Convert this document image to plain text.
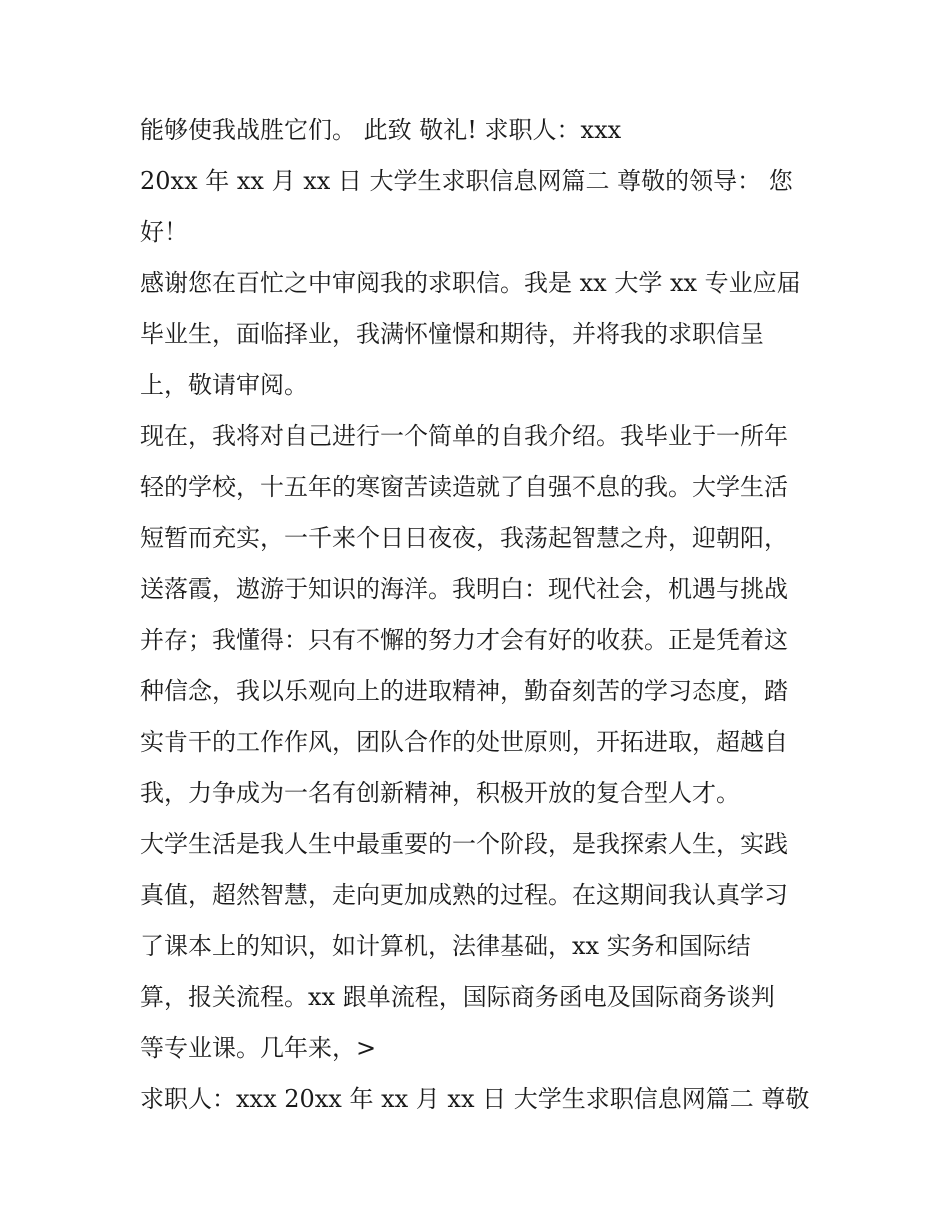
能够使我战胜它们。 此致 敬礼! 求职人：xxx
20xx 年 xx 月 xx 日 大学生求职信息网篇二 尊敬的领导： 您
好！
感谢您在百忙之中审阅我的求职信。我是 xx 大学 xx 专业应届
毕业生，面临择业，我满怀憧憬和期待，并将我的求职信呈
上，敬请审阅。
现在，我将对自己进行一个简单的自我介绍。我毕业于一所年
轻的学校，十五年的寒窗苦读造就了自强不息的我。大学生活
短暂而充实，一千来个日日夜夜，我荡起智慧之舟，迎朝阳，
送落霞，遨游于知识的海洋。我明白：现代社会，机遇与挑战
并存；我懂得：只有不懈的努力才会有好的收获。正是凭着这
种信念，我以乐观向上的进取精神，勤奋刻苦的学习态度，踏
实肯干的工作作风，团队合作的处世原则，开拓进取，超越自
我，力争成为一名有创新精神，积极开放的复合型人才。
大学生活是我人生中最重要的一个阶段，是我探索人生，实践
真值，超然智慧，走向更加成熟的过程。在这期间我认真学习
了课本上的知识，如计算机，法律基础，xx 实务和国际结
算，报关流程。xx 跟单流程，国际商务函电及国际商务谈判
等专业课。几年来，>
求职人：xxx 20xx 年 xx 月 xx 日 大学生求职信息网篇二 尊敬
